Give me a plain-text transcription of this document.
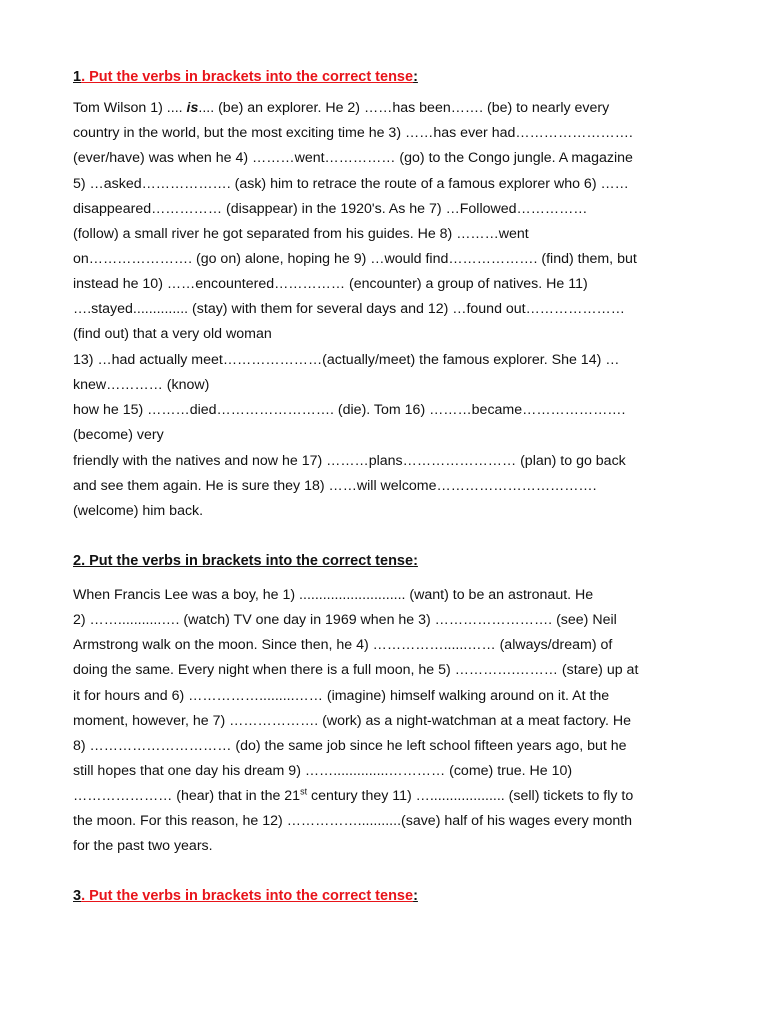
1. Put the verbs in brackets into the correct tense:
Tom Wilson 1) .... is.... (be) an explorer. He 2) ……has been……. (be) to nearly every
country in the world, but the most exciting time he 3) ……has ever had…………………….
(ever/have) was when he 4) ………went…………… (go) to the Congo jungle. A magazine
5) …asked………………. (ask) him to retrace the route of a famous explorer who 6) ……
disappeared…………… (disappear) in the 1920's. As he 7) …Followed……………
(follow) a small river he got separated from his guides. He 8) ………went
on…………………. (go on) alone, hoping he 9) …would find………………. (find) them, but
instead he 10) ……encountered…………… (encounter) a group of natives. He 11)
….stayed.............. (stay) with them for several days and 12) …found out…………………
(find out) that a very old woman
13) …had actually meet…………………(actually/meet) the famous explorer. She 14) …
knew………… (know)
how he 15) ………died……………………. (die). Tom 16) ………became………………….
(become) very
friendly with the natives and now he 17) ………plans…………………… (plan) to go back
and see them again. He is sure they 18) ……will welcome…………………………….
(welcome) him back.
2. Put the verbs in brackets into the correct tense:
When Francis Lee was a boy, he 1) ........................... (want) to be an astronaut. He
2) ……...........…. (watch) TV one day in 1969 when he 3) ……………………. (see) Neil
Armstrong walk on the moon. Since then, he 4) ……………......…… (always/dream) of
doing the same. Every night when there is a full moon, he 5) ………….……… (stare) up at
it for hours and 6) …………….........…… (imagine) himself walking around on it. At the
moment, however, he 7) ………………. (work) as a night-watchman at a meat factory. He
8) ………………………… (do) the same job since he left school fifteen years ago, but he
still hopes that one day his dream 9) ……..............………… (come) true. He 10)
………………… (hear) that in the 21st century they 11) …................... (sell) tickets to fly to
the moon. For this reason, he 12) ……………...........(save) half of his wages every month
for the past two years.
3. Put the verbs in brackets into the correct tense:
